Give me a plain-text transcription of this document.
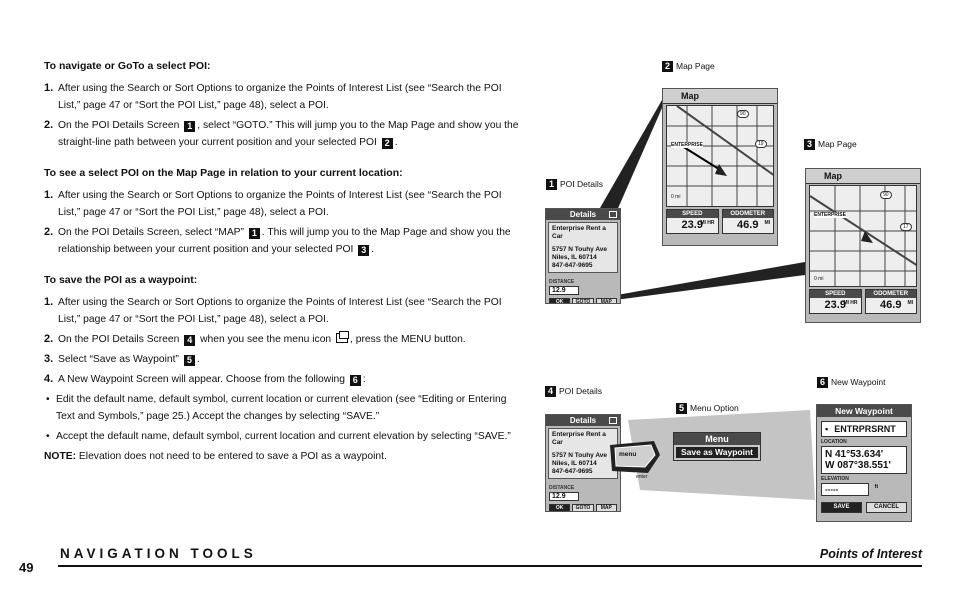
To navigate or GoTo a select POI:
1. After using the Search or Sort Options to organize the Points of Interest List (see “Search the POI List,” page 47 or “Sort the POI List,” page 48), select a POI.
2. On the POI Details Screen 1 , select “GOTO.” This will jump you to the Map Page and show you the straight-line path between your current position and your selected POI 2 .
To see a select POI on the Map Page in relation to your current location:
1. After using the Search or Sort Options to organize the Points of Interest List (see “Search the POI List,” page 47 or “Sort the POI List,” page 48), select a POI.
2. On the POI Details Screen, select “MAP” 1 . This will jump you to the Map Page and show you the relationship between your current position and your selected POI 3 .
To save the POI as a waypoint:
1. After using the Search or Sort Options to organize the Points of Interest List (see “Search the POI List,” page 47 or “Sort the POI List,” page 48), select a POI.
2. On the POI Details Screen 4 when you see the menu icon , press the MENU button.
3. Select “Save as Waypoint” 5 .
4. A New Waypoint Screen will appear. Choose from the following 6 :
• Edit the default name, default symbol, current location or current elevation (see “Editing or Entering Text and Symbols,” page 25.) Accept the changes by selecting “SAVE.”
• Accept the default name, default symbol, current location and current elevation by selecting “SAVE.”
NOTE: Elevation does not need to be entered to save a POI as a waypoint.
2 Map Page
3 Map Page
1 POI Details
6 New Waypoint
4 POI Details
5 Menu Option
Map
ENTERPRISE
90
19
0 mi
SPEED
23.9
MI HR
ODOMETER
46.9 MI
Map
ENTERPRISE
90
17
0 mi
SPEED
23.9
MI HR
ODOMETER
46.9 MI
Details
Enterprise Rent a Car
5757 N Touhy Ave
Niles, IL 60714
847-647-9695
DISTANCE
12.9
OK	GOTO	MAP
Details
Enterprise Rent a Car
5757 N Touhy Ave
Niles, IL 60714
847-647-9695
DISTANCE
12.9
OK	GOTO	MAP
menu
enter
Menu
Save as Waypoint
New Waypoint
▪ ENTRPRSRNT
LOCATION
N 41°53.634'
W 087°38.551'
ELEVATION
-----	ft
SAVE	CANCEL
NAVIGATION TOOLS	Points of Interest
49
